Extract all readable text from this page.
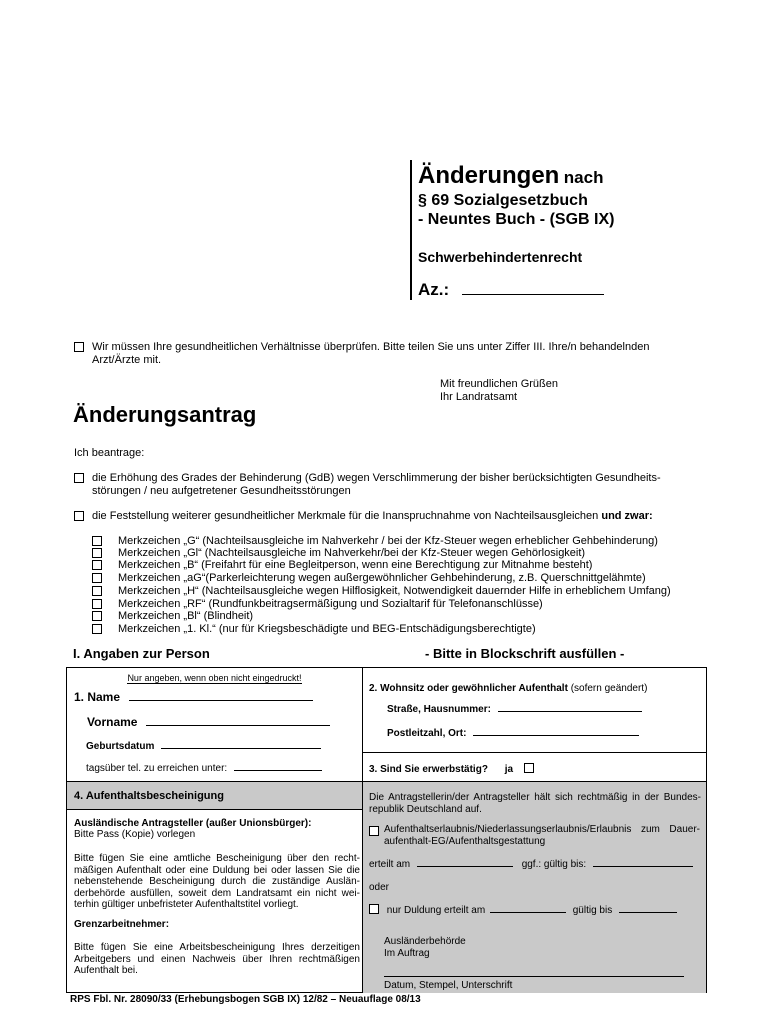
Änderungen nach
§ 69 Sozialgesetzbuch
- Neuntes Buch - (SGB IX)
Schwerbehindertenrecht
Az.:
Wir müssen Ihre gesundheitlichen Verhältnisse überprüfen. Bitte teilen Sie uns unter Ziffer III. Ihre/n behandelnden
Arzt/Ärzte mit.
Mit freundlichen Grüßen
Ihr Landratsamt
Änderungsantrag
Ich beantrage:
die Erhöhung des Grades der Behinderung (GdB) wegen Verschlimmerung der bisher berücksichtigten Gesundheits-
störungen / neu aufgetretener Gesundheitsstörungen
die Feststellung weiterer gesundheitlicher Merkmale für die Inanspruchnahme von Nachteilsausgleichen und zwar:
Merkzeichen „G“ (Nachteilsausgleiche im Nahverkehr / bei der Kfz-Steuer wegen erheblicher Gehbehinderung)
Merkzeichen „Gl“ (Nachteilsausgleiche im Nahverkehr/bei der Kfz-Steuer wegen Gehörlosigkeit)
Merkzeichen „B“ (Freifahrt für eine Begleitperson, wenn eine Berechtigung zur Mitnahme besteht)
Merkzeichen „aG“(Parkerleichterung wegen außergewöhnlicher Gehbehinderung, z.B. Querschnittgelähmte)
Merkzeichen „H“ (Nachteilsausgleiche wegen Hilflosigkeit, Notwendigkeit dauernder Hilfe in erheblichem Umfang)
Merkzeichen „RF“ (Rundfunkbeitragsermäßigung und Sozialtarif für Telefonanschlüsse)
Merkzeichen „Bl“ (Blindheit)
Merkzeichen „1. Kl.“ (nur für Kriegsbeschädigte und BEG-Entschädigungsberechtigte)
I. Angaben zur Person	- Bitte in Blockschrift ausfüllen -
Nur angeben, wenn oben nicht eingedruckt!
1. Name
Vorname
Geburtsdatum
tagsüber tel. zu erreichen unter:
2. Wohnsitz oder gewöhnlicher Aufenthalt (sofern geändert)
Straße, Hausnummer:
Postleitzahl, Ort:
3. Sind Sie erwerbstätig? ja
4. Aufenthaltsbescheinigung
Ausländische Antragsteller (außer Unionsbürger):
Bitte Pass (Kopie) vorlegen
Bitte fügen Sie eine amtliche Bescheinigung über den rechtmäßigen Aufenthalt oder eine Duldung bei oder lassen Sie die nebenstehende Bescheinigung durch die zuständige Ausländerbehörde ausfüllen, soweit dem Landratsamt ein nicht weiterhin gültiger unbefristeter Aufenthaltstitel vorliegt.
Grenzarbeitnehmer:
Bitte fügen Sie eine Arbeitsbescheinigung Ihres derzeitigen Arbeitgebers und einen Nachweis über Ihren rechtmäßigen Aufenthalt bei.
Die Antragstellerin/der Antragsteller hält sich rechtmäßig in der Bundesrepublik Deutschland auf.
Aufenthaltserlaubnis/Niederlassungserlaubnis/Erlaubnis zum Daueraufenthalt-EG/Aufenthaltsgestattung
erteilt am	ggf.: gültig bis:
oder
nur Duldung erteilt am	gültig bis
Ausländerbehörde
Im Auftrag
Datum, Stempel, Unterschrift
RPS Fbl. Nr. 28090/33 (Erhebungsbogen SGB IX) 12/82 – Neuauflage 08/13
